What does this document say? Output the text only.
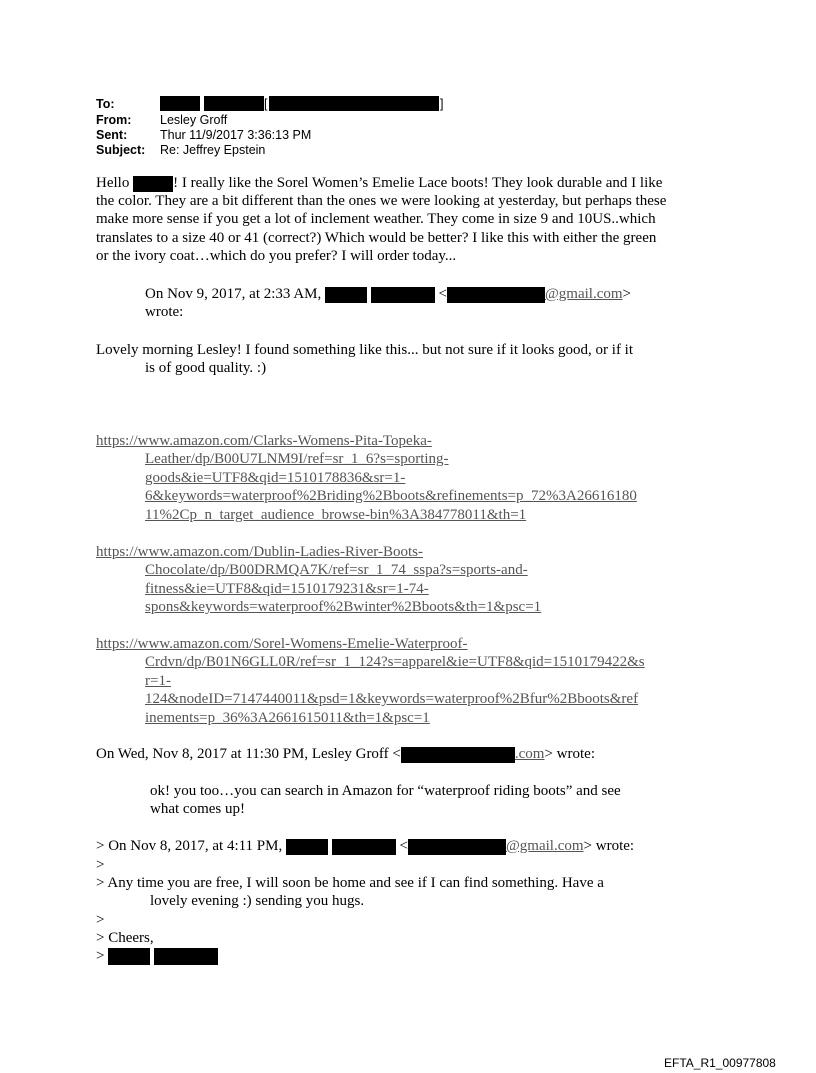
To:	[	]
From: Lesley Groff
Sent:	Thur 11/9/2017 3:36:13 PM
Subject: Re: Jeffrey Epstein
Hello	! I really like the Sorel Women’s Emelie Lace boots! They look durable and I like
the color. They are a bit different than the ones we were looking at yesterday, but perhaps these
make more sense if you get a lot of inclement weather. They come in size 9 and 10US..which
translates to a size 40 or 41 (correct?) Which would be better? I like this with either the green
or the ivory coat…which do you prefer? I will order today...
On Nov 9, 2017, at 2:33 AM,	<	@gmail.com>
wrote:
Lovely morning Lesley! I found something like this... but not sure if it looks good, or if it
is of good quality. :)
https://www.amazon.com/Clarks-Womens-Pita-Topeka-
Leather/dp/B00U7LNM9I/ref=sr_1_6?s=sporting-
goods&ie=UTF8&qid=1510178836&sr=1-
6&keywords=waterproof%2Briding%2Bboots&refinements=p_72%3A26616180
11%2Cp_n_target_audience_browse-bin%3A384778011&th=1
https://www.amazon.com/Dublin-Ladies-River-Boots-
Chocolate/dp/B00DRMQA7K/ref=sr_1_74_sspa?s=sports-and-
fitness&ie=UTF8&qid=1510179231&sr=1-74-
spons&keywords=waterproof%2Bwinter%2Bboots&th=1&psc=1
https://www.amazon.com/Sorel-Womens-Emelie-Waterproof-
Crdvn/dp/B01N6GLL0R/ref=sr_1_124?s=apparel&ie=UTF8&qid=1510179422&s
r=1-
124&nodeID=7147440011&psd=1&keywords=waterproof%2Bfur%2Bboots&ref
inements=p_36%3A2661615011&th=1&psc=1
On Wed, Nov 8, 2017 at 11:30 PM, Lesley Groff <	.com> wrote:
ok! you too…you can search in Amazon for “waterproof riding boots” and see
what comes up!
> On Nov 8, 2017, at 4:11 PM,	<	@gmail.com> wrote:
>
> Any time you are free, I will soon be home and see if I can find something. Have a
lovely evening :) sending you hugs.
>
> Cheers,
>
EFTA_R1_00977808
